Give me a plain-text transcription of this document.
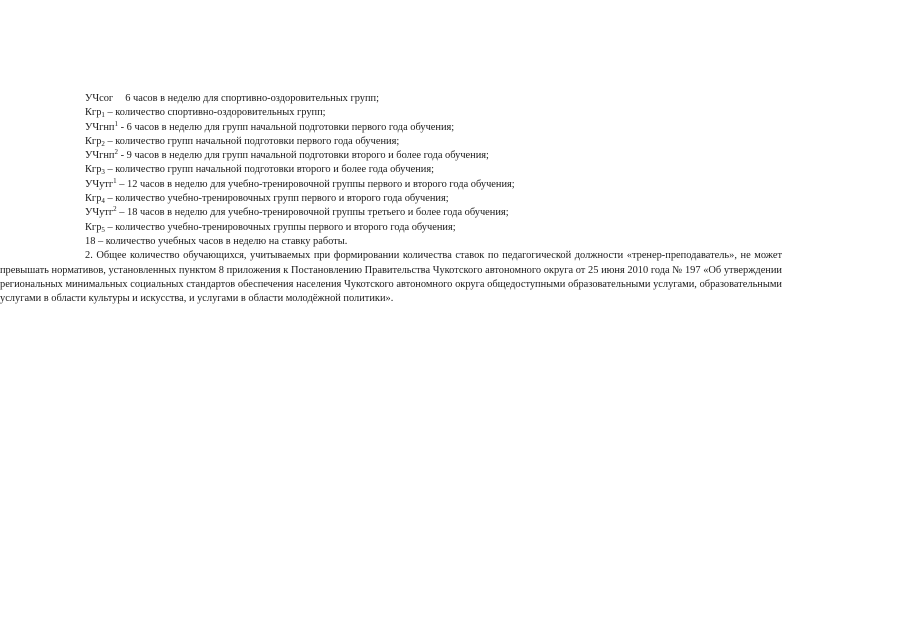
УЧсог 6 часов в неделю для спортивно-оздоровительных групп;

Кгр$_1$ – количество спортивно-оздоровительных групп;

УЧгнп$^1$ - 6 часов в неделю для групп начальной подготовки первого года обучения;

Кгр$_2$ – количество групп начальной подготовки первого года обучения;

УЧгнп$^2$ - 9 часов в неделю для групп начальной подготовки второго и более года обучения;

Кгр$_3$ – количество групп начальной подготовки второго и более года обучения;

УЧутг$^1$ – 12 часов в неделю для учебно-тренировочной группы первого и второго года обучения;

Кгр$_4$ – количество учебно-тренировочных групп первого и второго года обучения;

УЧутг$^2$ – 18 часов в неделю для учебно-тренировочной группы третьего и более года обучения;

Кгр$_5$ – количество учебно-тренировочных группы первого и второго года обучения;

18 – количество учебных часов в неделю на ставку работы.

2. Общее количество обучающихся, учитываемых при формировании количества ставок по педагогической должности «тренер-преподаватель», не может превышать нормативов, установленных пунктом 8 приложения к Постановлению Правительства Чукотского автономного округа от 25 июня 2010 года № 197 «Об утверждении региональных минимальных социальных стандартов обеспечения населения Чукотского автономного округа общедоступными образовательными услугами, образовательными услугами в области культуры и искусства, и услугами в области молодёжной политики».
